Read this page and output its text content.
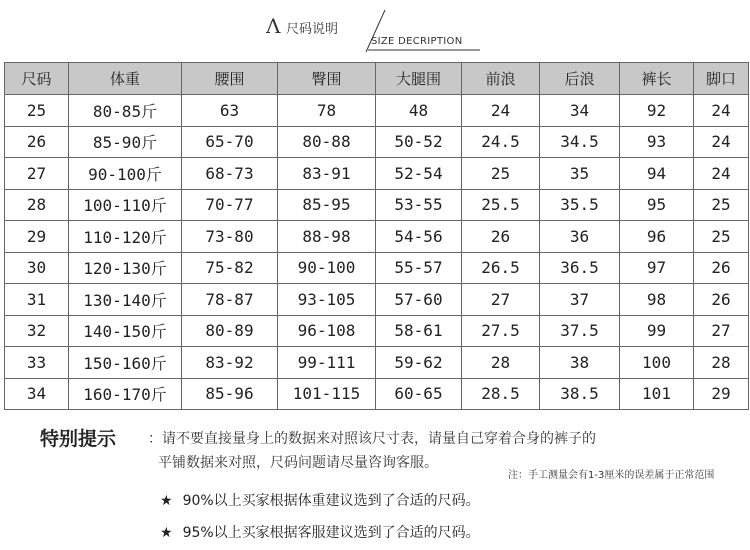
Λ 尺码说明
SIZE DECRIPTION
尺码	体重	腰围	臀围	大腿围	前浪	后浪	裤长	脚口
25	80-85斤	63	78	48	24	34	92	24
26	85-90斤	65-70	80-88	50-52	24.5	34.5	93	24
27	90-100斤	68-73	83-91	52-54	25	35	94	24
28	100-110斤	70-77	85-95	53-55	25.5	35.5	95	25
29	110-120斤	73-80	88-98	54-56	26	36	96	25
30	120-130斤	75-82	90-100	55-57	26.5	36.5	97	26
31	130-140斤	78-87	93-105	57-60	27	37	98	26
32	140-150斤	80-89	96-108	58-61	27.5	37.5	99	27
33	150-160斤	83-92	99-111	59-62	28	38	100	28
34	160-170斤	85-96	101-115	60-65	28.5	38.5	101	29
特别提示 ：请不要直接量身上的数据来对照该尺寸表，请量自己穿着合身的裤子的
平铺数据来对照，尺码问题请尽量咨询客服。
注：手工测量会有1-3厘米的误差属于正常范围
★ 90%以上买家根据体重建议选到了合适的尺码。
★ 95%以上买家根据客服建议选到了合适的尺码。
